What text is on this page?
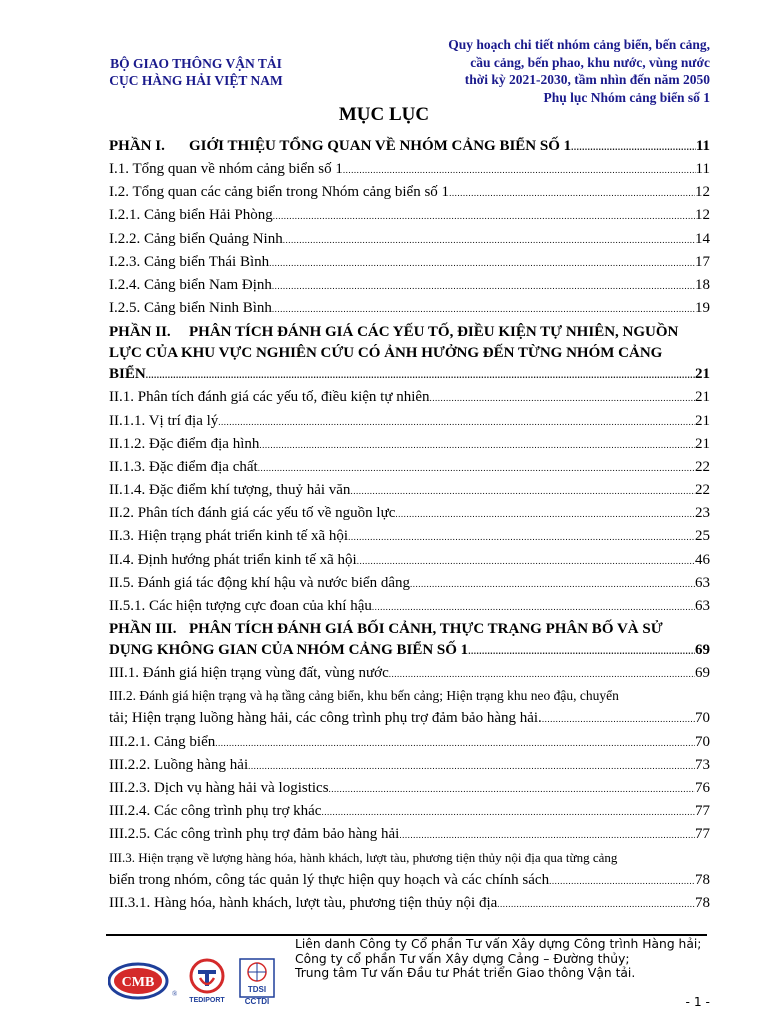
BỘ GIAO THÔNG VẬN TẢI
CỤC HÀNG HẢI VIỆT NAM
Quy hoạch chi tiết nhóm cảng biển, bến cảng,
cầu cảng, bến phao, khu nước, vùng nước
thời kỳ 2021-2030, tầm nhìn đến năm 2050
Phụ lục Nhóm cảng biển số 1
MỤC LỤC
PHẦN I. GIỚI THIỆU TỔNG QUAN VỀ NHÓM CẢNG BIỂN SỐ 1 .....	11
I.1. Tổng quan về nhóm cảng biển số 1 .....	11
I.2. Tổng quan các cảng biển trong Nhóm cảng biển số 1 .....	12
I.2.1. Cảng biển Hải Phòng .....	12
I.2.2. Cảng biển Quảng Ninh .....	14
I.2.3. Cảng biển Thái Bình .....	17
I.2.4. Cảng biển Nam Định .....	18
I.2.5. Cảng biển Ninh Bình .....	19
PHẦN II. PHÂN TÍCH ĐÁNH GIÁ CÁC YẾU TỐ, ĐIỀU KIỆN TỰ NHIÊN, NGUỒN
LỰC CỦA KHU VỰC NGHIÊN CỨU CÓ ẢNH HƯỞNG ĐẾN TỪNG NHÓM CẢNG
BIỂN .....	21
II.1. Phân tích đánh giá các yếu tố, điều kiện tự nhiên .....	21
II.1.1. Vị trí địa lý .....	21
II.1.2. Đặc điểm địa hình .....	21
II.1.3. Đặc điểm địa chất .....	22
II.1.4. Đặc điểm khí tượng, thuỷ hải văn .....	22
II.2. Phân tích đánh giá các yếu tố về nguồn lực .....	23
II.3. Hiện trạng phát triển kinh tế xã hội .....	25
II.4. Định hướng phát triển kinh tế xã hội .....	46
II.5. Đánh giá tác động khí hậu và nước biển dâng .....	63
II.5.1. Các hiện tượng cực đoan của khí hậu .....	63
PHẦN III. PHÂN TÍCH ĐÁNH GIÁ BỐI CẢNH, THỰC TRẠNG PHÂN BỐ VÀ SỬ
DỤNG KHÔNG GIAN CỦA NHÓM CẢNG BIỂN SỐ 1 .....	69
III.1. Đánh giá hiện trạng vùng đất, vùng nước .....	69
III.2. Đánh giá hiện trạng và hạ tầng cảng biển, khu bến cảng; Hiện trạng khu neo đậu, chuyển
tải; Hiện trạng luồng hàng hải, các công trình phụ trợ đảm bảo hàng hải. .....	70
III.2.1. Cảng biển .....	70
III.2.2. Luồng hàng hải .....	73
III.2.3. Dịch vụ hàng hải và logistics .....	76
III.2.4. Các công trình phụ trợ khác .....	77
III.2.5. Các công trình phụ trợ đảm bảo hàng hải .....	77
III.3. Hiện trạng về lượng hàng hóa, hành khách, lượt tàu, phương tiện thủy nội địa qua từng cảng
biển trong nhóm, công tác quản lý thực hiện quy hoạch và các chính sách .....	78
III.3.1. Hàng hóa, hành khách, lượt tàu, phương tiện thủy nội địa .....	78
CMB
®
TEDIPORT
TDSI
CCTDI
Liên danh Công ty Cổ phần Tư vấn Xây dựng Công trình Hàng hải;
Công ty cổ phần Tư vấn Xây dựng Cảng – Đường thủy;
Trung tâm Tư vấn Đầu tư Phát triển Giao thông Vận tải.
- 1 -
